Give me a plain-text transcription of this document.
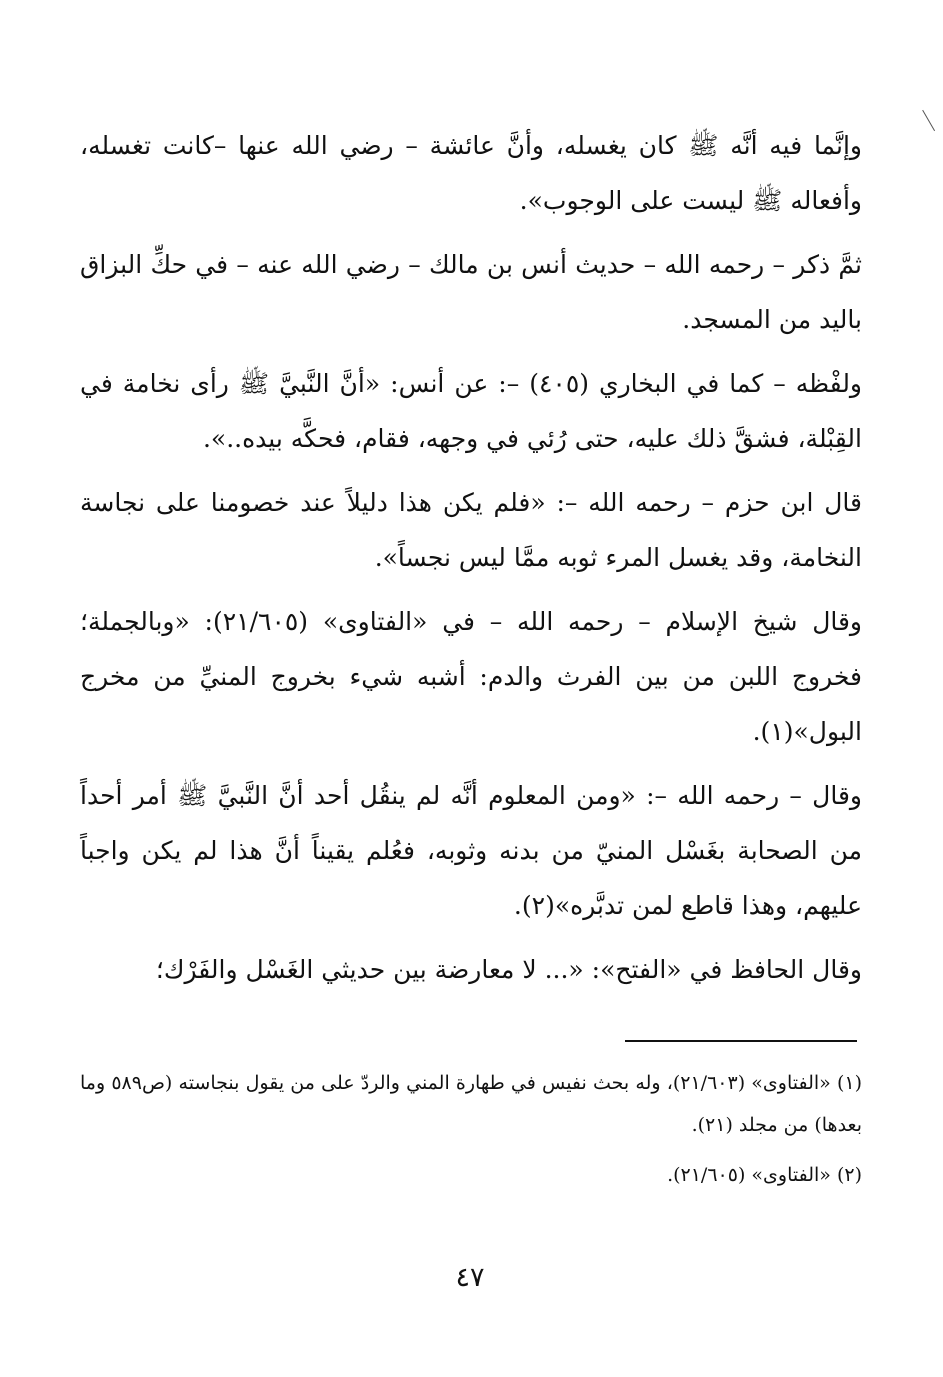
وإنَّما فيه أنَّه ﷺ كان يغسله، وأنَّ عائشة – رضي الله عنها –كانت تغسله، وأفعاله ﷺ ليست على الوجوب».

ثمَّ ذكر – رحمه الله – حديث أنس بن مالك – رضي الله عنه – في حكِّ البزاق باليد من المسجد.

ولفْظه – كما في البخاري (٤٠٥) –: عن أنس: «أنَّ النَّبيَّ ﷺ رأى نخامة في القِبْلة، فشقَّ ذلك عليه، حتى رُئي في وجهه، فقام، فحكَّه بيده..».

قال ابن حزم – رحمه الله –: «فلم يكن هذا دليلاً عند خصومنا على نجاسة النخامة، وقد يغسل المرء ثوبه ممَّا ليس نجساً».

وقال شيخ الإسلام – رحمه الله – في «الفتاوى» (٢١/٦٠٥): «وبالجملة؛ فخروج اللبن من بين الفرث والدم: أشبه شيء بخروج المنيِّ من مخرج البول»(١).

وقال – رحمه الله –: «ومن المعلوم أنَّه لم ينقُل أحد أنَّ النَّبيَّ ﷺ أمر أحداً من الصحابة بغَسْل المنيّ من بدنه وثوبه، فعُلم يقيناً أنَّ هذا لم يكن واجباً عليهم، وهذا قاطع لمن تدبَّره»(٢).

وقال الحافظ في «الفتح»: «... لا معارضة بين حديثي الغَسْل والفَرْك؛

(١) «الفتاوى» (٢١/٦٠٣)، وله بحث نفيس في طهارة المني والردّ على من يقول بنجاسته (ص٥٨٩ وما بعدها) من مجلد (٢١).

(٢) «الفتاوى» (٢١/٦٠٥).

٤٧
